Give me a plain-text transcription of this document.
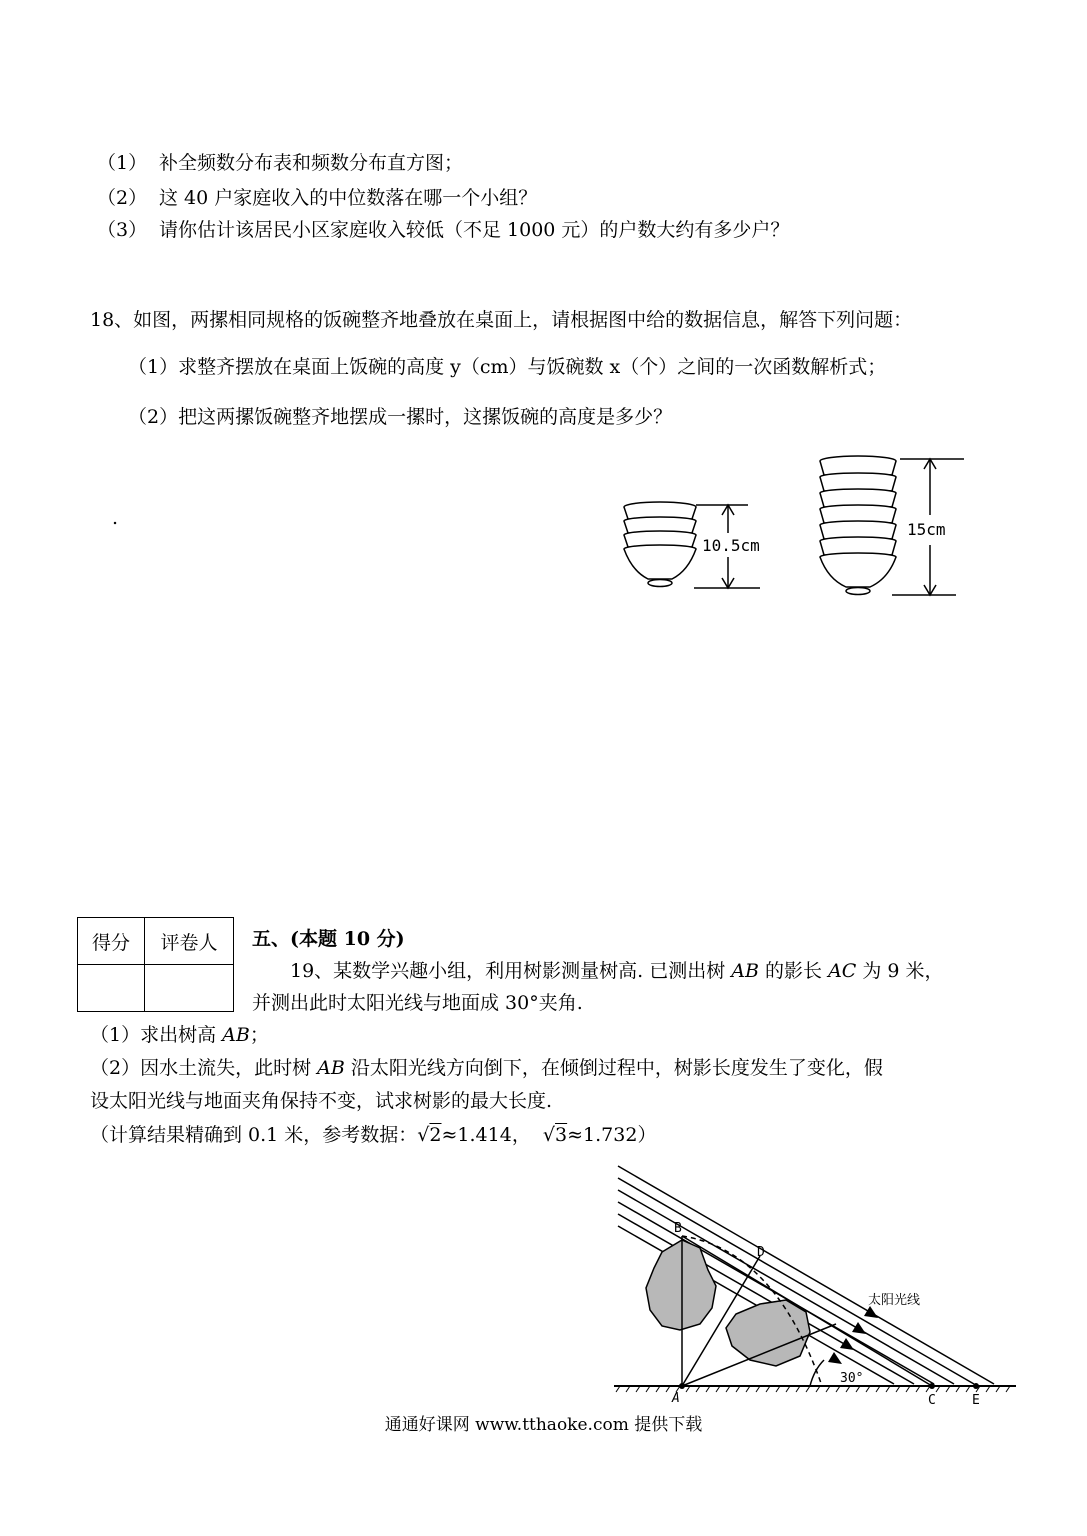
（1） 补全频数分布表和频数分布直方图；
（2） 这 40 户家庭收入的中位数落在哪一个小组？
（3） 请你估计该居民小区家庭收入较低（不足 1000 元）的户数大约有多少户？
18、如图，两摞相同规格的饭碗整齐地叠放在桌面上，请根据图中给的数据信息，解答下列问题：
（1）求整齐摆放在桌面上饭碗的高度 y（cm）与饭碗数 x（个）之间的一次函数解析式；
（2）把这两摞饭碗整齐地摆成一摞时，这摞饭碗的高度是多少？
.
10.5cm
15cm
得分	评卷人
	五、(本题 10 分)
19、某数学兴趣小组，利用树影测量树高. 已测出树 AB 的影长 AC 为 9 米，
并测出此时太阳光线与地面成 30°夹角.
（1）求出树高 AB；
（2）因水土流失，此时树 AB 沿太阳光线方向倒下，在倾倒过程中，树影长度发生了变化，假
设太阳光线与地面夹角保持不变，试求树影的最大长度.
（计算结果精确到 0.1 米，参考数据：√2≈1.414， √3≈1.732）
B
D
A	C	E
30°
太阳光线
通通好课网 www.tthaoke.com 提供下载
